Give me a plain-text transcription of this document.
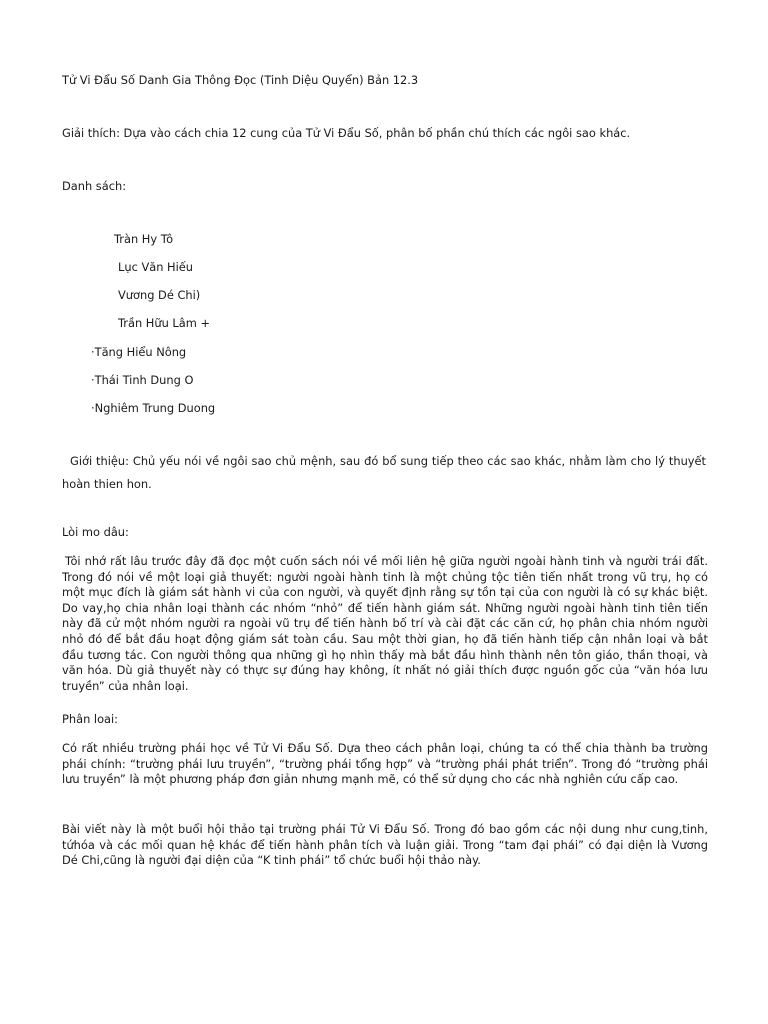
Tử Vi Đẩu Số Danh Gia Thông Đọc (Tinh Diệu Quyển) Bản 12.3
Giải thích: Dựa vào cách chia 12 cung của Tử Vi Đẩu Số, phân bố phần chú thích các ngôi sao khác.
Danh sách:
Tràn Hy Tô
Lục Văn Hiếu
Vương Dé Chi)
Trần Hữu Lâm +
·Tăng Hiểu Nông
·Thái Tinh Dung O
·Nghiêm Trung Duong
Giới thiệu: Chủ yếu nói về ngôi sao chủ mệnh, sau đó bổ sung tiếp theo các sao khác, nhằm làm cho lý thuyết hoàn thien hon.
Lòi mo dâu:
Tôi nhớ rất lâu trước đây đã đọc một cuốn sách nói về mối liên hệ giữa người ngoài hành tinh và người trái đất. Trong đó nói về một loại giả thuyết: người ngoài hành tinh là một chủng tộc tiên tiến nhất trong vũ trụ, họ có một mục đích là giám sát hành vi của con người, và quyết định rằng sự tồn tại của con người là có sự khác biệt. Do vay,họ chia nhân loại thành các nhóm “nhỏ” để tiến hành giám sát. Những người ngoài hành tinh tiên tiến này đã cử một nhóm người ra ngoài vũ trụ để tiến hành bố trí và cài đặt các căn cứ, họ phân chia nhóm người nhỏ đó để bắt đầu hoạt động giám sát toàn cầu. Sau một thời gian, họ đã tiến hành tiếp cận nhân loại và bắt đầu tương tác. Con người thông qua những gì họ nhìn thấy mà bắt đầu hình thành nên tôn giáo, thần thoại, và văn hóa. Dù giả thuyết này có thực sự đúng hay không, ít nhất nó giải thích được nguồn gốc của “văn hóa lưu truyền” của nhân loại.
Phân loai:
Có rất nhiều trường phái học về Tử Vi Đẩu Số. Dựa theo cách phân loại, chúng ta có thể chia thành ba trường phái chính: “trường phái lưu truyền”, “trường phái tổng hợp” và “trường phái phát triển”. Trong đó “trường phái lưu truyền” là một phương pháp đơn giản nhưng mạnh mẽ, có thể sử dụng cho các nhà nghiên cứu cấp cao.
Bài viết này là một buổi hội thảo tại trường phái Tử Vi Đẩu Số. Trong đó bao gồm các nội dung như cung,tinh, tứhóa và các mối quan hệ khác để tiến hành phân tích và luận giải. Trong “tam đại phái” có đại diện là Vương Dé Chi,cũng là người đại diện của “K tinh phái” tổ chức buổi hội thảo này.
